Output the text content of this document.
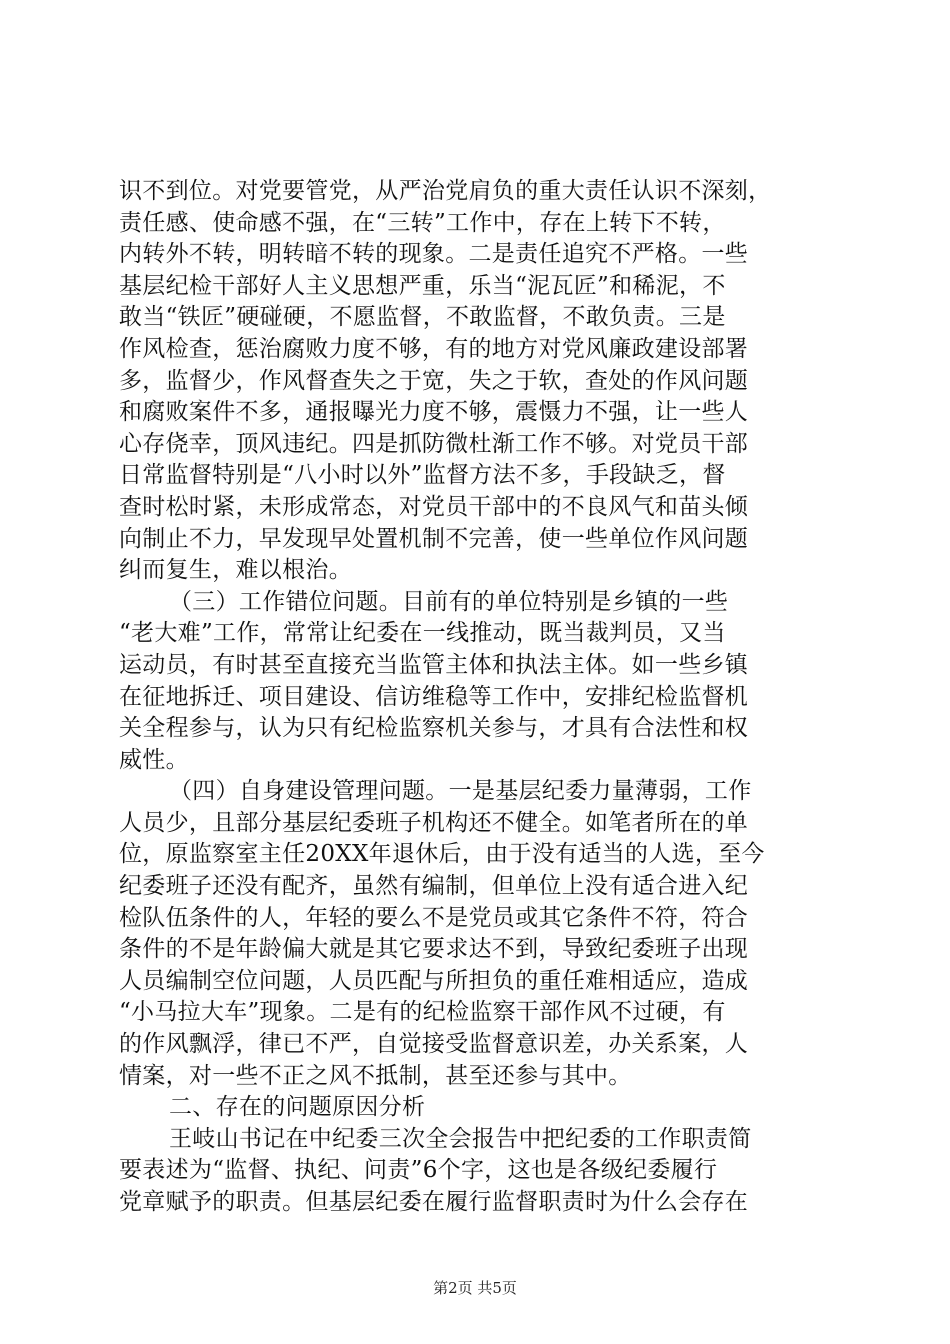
识不到位。对党要管党，从严治党肩负的重大责任认识不深刻，
责任感、使命感不强，在“三转”工作中，存在上转下不转，
内转外不转，明转暗不转的现象。二是责任追究不严格。一些
基层纪检干部好人主义思想严重，乐当“泥瓦匠”和稀泥，不
敢当“铁匠”硬碰硬，不愿监督，不敢监督，不敢负责。三是
作风检查，惩治腐败力度不够，有的地方对党风廉政建设部署
多，监督少，作风督查失之于宽，失之于软，查处的作风问题
和腐败案件不多，通报曝光力度不够，震慑力不强，让一些人
心存侥幸，顶风违纪。四是抓防微杜渐工作不够。对党员干部
日常监督特别是“八小时以外”监督方法不多，手段缺乏，督
查时松时紧，未形成常态，对党员干部中的不良风气和苗头倾
向制止不力，早发现早处置机制不完善，使一些单位作风问题
纠而复生，难以根治。
（三）工作错位问题。目前有的单位特别是乡镇的一些
“老大难”工作，常常让纪委在一线推动，既当裁判员，又当
运动员，有时甚至直接充当监管主体和执法主体。如一些乡镇
在征地拆迁、项目建设、信访维稳等工作中，安排纪检监督机
关全程参与，认为只有纪检监察机关参与，才具有合法性和权
威性。
（四）自身建设管理问题。一是基层纪委力量薄弱，工作
人员少，且部分基层纪委班子机构还不健全。如笔者所在的单
位，原监察室主任20XX年退休后，由于没有适当的人选，至今
纪委班子还没有配齐，虽然有编制，但单位上没有适合进入纪
检队伍条件的人，年轻的要么不是党员或其它条件不符，符合
条件的不是年龄偏大就是其它要求达不到，导致纪委班子出现
人员编制空位问题，人员匹配与所担负的重任难相适应，造成
“小马拉大车”现象。二是有的纪检监察干部作风不过硬，有
的作风飘浮，律已不严，自觉接受监督意识差，办关系案，人
情案，对一些不正之风不抵制，甚至还参与其中。
二、存在的问题原因分析
王岐山书记在中纪委三次全会报告中把纪委的工作职责简
要表述为“监督、执纪、问责”6个字，这也是各级纪委履行
党章赋予的职责。但基层纪委在履行监督职责时为什么会存在
第2页 共5页
